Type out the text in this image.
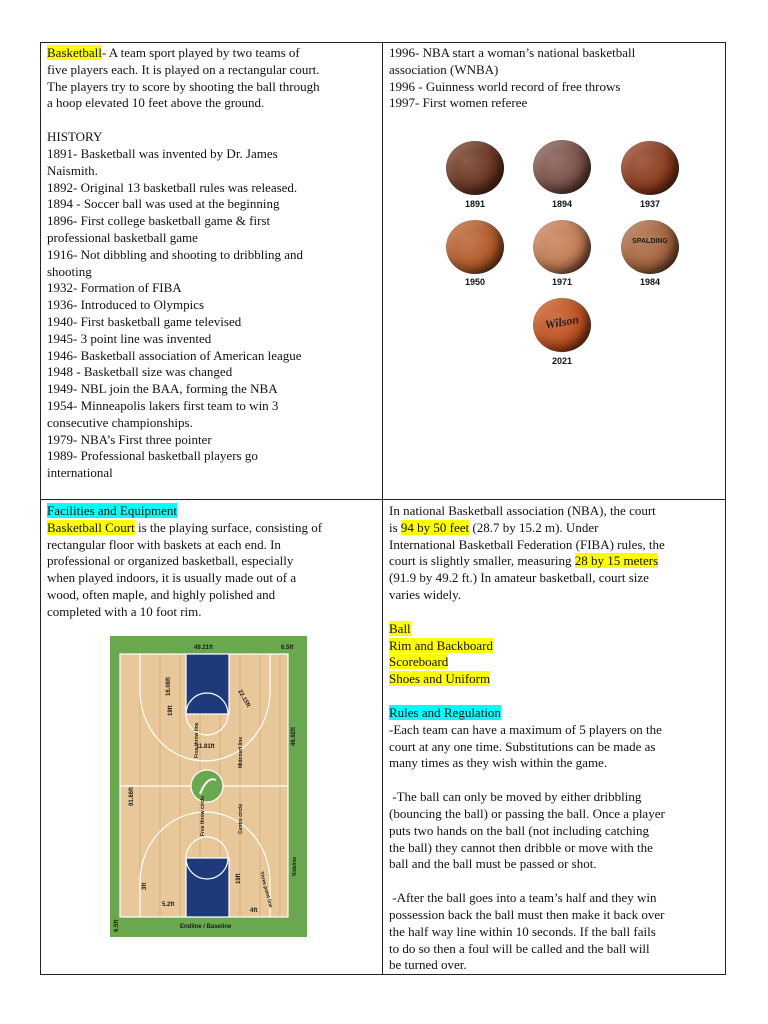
Basketball- A team sport played by two teams of
five players each. It is played on a rectangular court.
The players try to score by shooting the ball through
a hoop elevated 10 feet above the ground.
HISTORY
1891- Basketball was invented by Dr. James
Naismith.
1892- Original 13 basketball rules was released.
1894 - Soccer ball was used at the beginning
1896- First college basketball game & first
professional basketball game
1916- Not dibbling and shooting to dribbling and
shooting
1932- Formation of FIBA
1936- Introduced to Olympics
1940- First basketball game televised
1945- 3 point line was invented
1946- Basketball association of American league
1948 - Basketball size was changed
1949- NBL join the BAA, forming the NBA
1954- Minneapolis lakers first team to win 3
consecutive championships.
1979- NBA’s First three pointer
1989- Professional basketball players go
international
1996- NBA start a woman’s national basketball
association (WNBA)
1996 - Guinness world record of free throws
1997- First women referee
Facilities and Equipment
Basketball Court is the playing surface, consisting of
rectangular floor with baskets at each end. In
professional or organized basketball, especially
when played indoors, it is usually made out of a
wood, often maple, and highly polished and
completed with a 10 foot rim.
In national Basketball association (NBA), the court
is 94 by 50 feet (28.7 by 15.2 m). Under
International Basketball Federation (FIBA) rules, the
court is slightly smaller, measuring 28 by 15 meters
(91.9 by 49.2 ft.) In amateur basketball, court size
varies widely.
Ball
Rim and Backboard
Scoreboard
Shoes and Uniform
Rules and Regulation
-Each team can have a maximum of 5 players on the
court at any one time. Substitutions can be made as
many times as they wish within the game.
-The ball can only be moved by either dribbling
(bouncing the ball) or passing the ball. Once a player
puts two hands on the ball (not including catching
the ball) they cannot then dribble or move with the
ball and the ball must be passed or shot.
-After the ball goes into a team’s half and they win
possession back the ball must then make it back over
the half way line within 10 seconds. If the ball fails
to do so then a foul will be called and the ball will
be turned over.
1891	1894	1937
1950	1971	1984
2021
SPALDING
Wilson
49.21ft	6.5ft
16.08ft
19ft
22.15ft
Free throw line
11.81ft	Midcourt line
Free throw circle	Centre circle
91.86ft
46.92ft
Three point line
Sideline
3ft
19ft
5.2ft
4ft
6.5ft	Endline / Baseline
